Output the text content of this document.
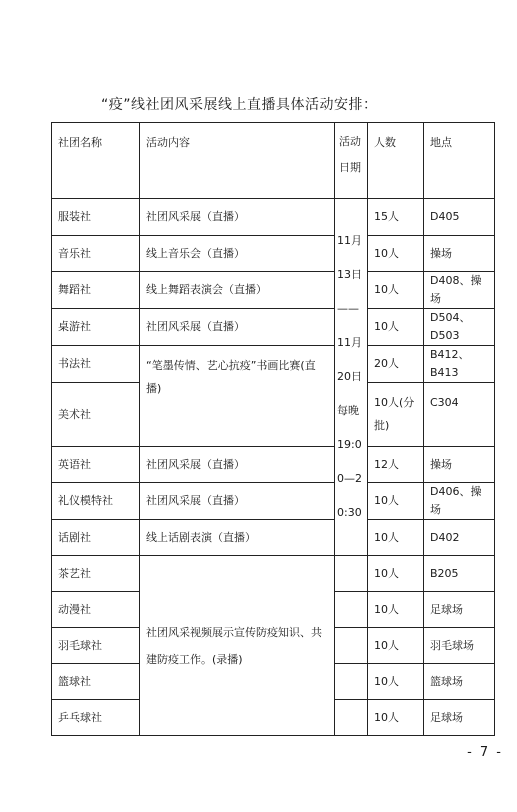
“疫”线社团风采展线上直播具体活动安排：
社团名称	活动内容	活动日期	人数	地点
服装社	社团风采展（直播）	11月13日——11月20日每晚19:00—20:30	15人	D405
音乐社	线上音乐会（直播）		10人	操场
舞蹈社	线上舞蹈表演会（直播）		10人	D408、操场
桌游社	社团风采展（直播）		10人	D504、D503
书法社	“笔墨传情、艺心抗疫”书画比赛(直播)		20人	B412、B413
美术社			10人(分批)	C304
英语社	社团风采展（直播）		12人	操场
礼仪模特社	社团风采展（直播）		10人	D406、操场
话剧社	线上话剧表演（直播）		10人	D402
茶艺社	社团风采视频展示宣传防疫知识、共建防疫工作。(录播)		10人	B205
动漫社			10人	足球场
羽毛球社			10人	羽毛球场
篮球社			10人	篮球场
乒乓球社			10人	足球场
- 7 -
